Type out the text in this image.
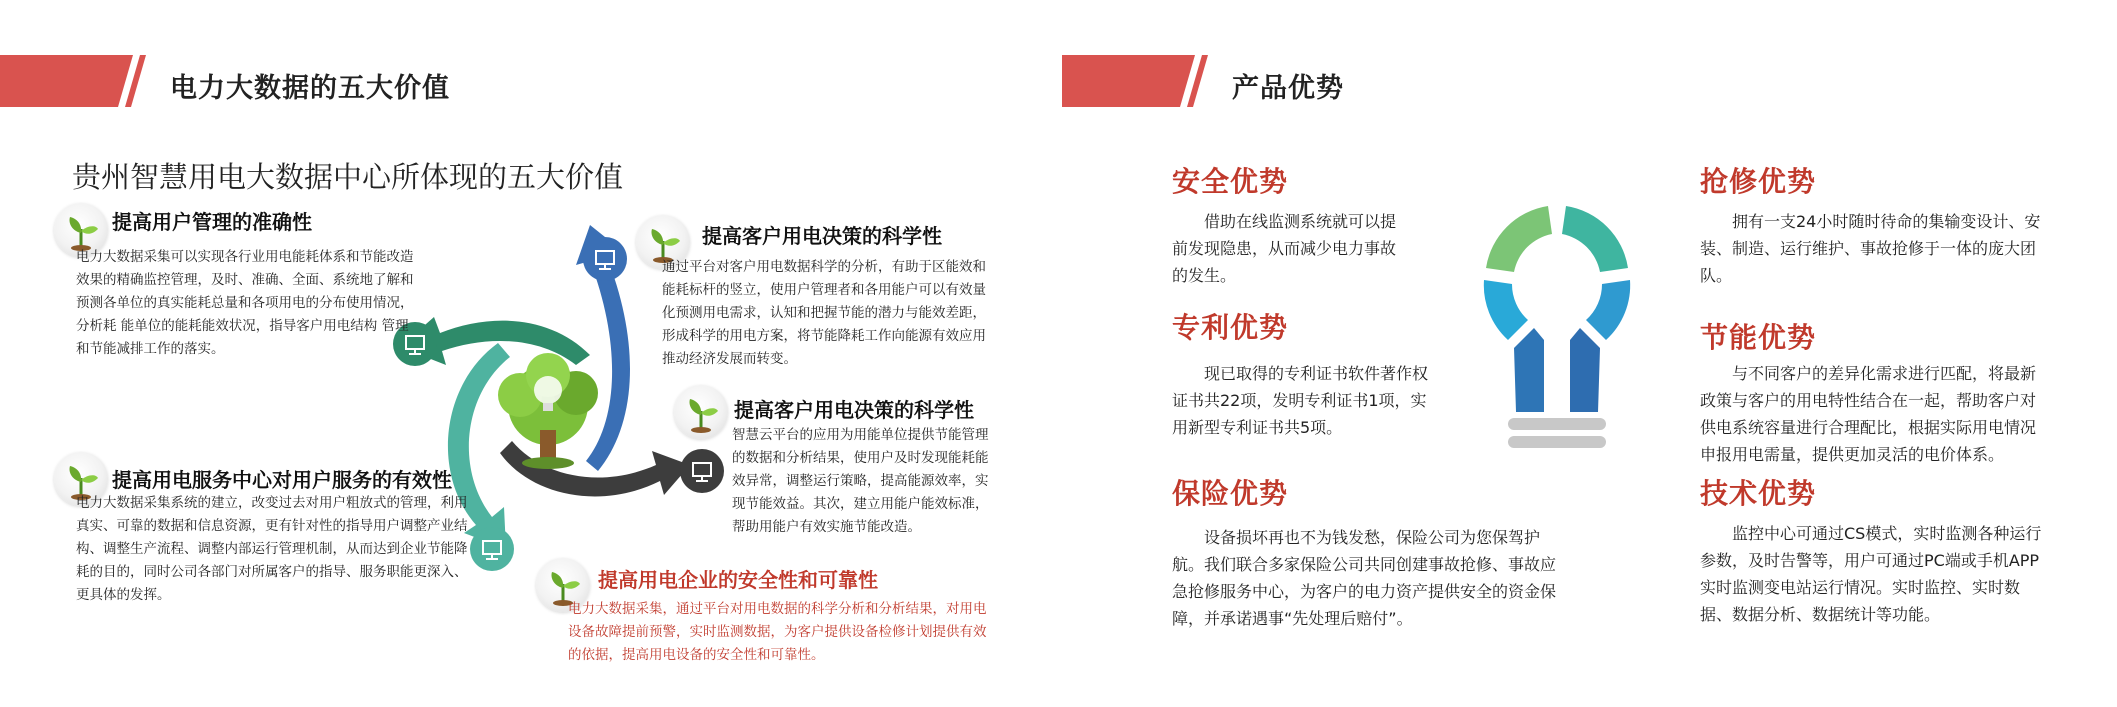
电力大数据的五大价值
贵州智慧用电大数据中心所体现的五大价值
提高用户管理的准确性
电力大数据采集可以实现各行业用电能耗体系和节能改造效果的精确监控管理，及时、准确、全面、系统地了解和预测各单位的真实能耗总量和各项用电的分布使用情况，分析耗 能单位的能耗能效状况，指导客户用电结构 管理和节能减排工作的落实。
提高客户用电决策的科学性
通过平台对客户用电数据科学的分析，有助于区能效和能耗标杆的竖立，使用户管理者和各用能户可以有效量化预测用电需求，认知和把握节能的潜力与能效差距，形成科学的用电方案，将节能降耗工作向能源有效应用推动经济发展而转变。
提高客户用电决策的科学性
智慧云平台的应用为用能单位提供节能管理的数据和分析结果，使用户及时发现能耗能效异常，调整运行策略，提高能源效率，实现节能效益。其次，建立用能户能效标准，帮助用能户有效实施节能改造。
提高用电服务中心对用户服务的有效性
电力大数据采集系统的建立，改变过去对用户粗放式的管理，利用真实、可靠的数据和信息资源，更有针对性的指导用户调整产业结构、调整生产流程、调整内部运行管理机制，从而达到企业节能降耗的目的，同时公司各部门对所属客户的指导、服务职能更深入、更具体的发挥。
提高用电企业的安全性和可靠性
电力大数据采集，通过平台对用电数据的科学分析和分析结果，对用电设备故障提前预警，实时监测数据，为客户提供设备检修计划提供有效的依据，提高用电设备的安全性和可靠性。
产品优势
安全优势
借助在线监测系统就可以提前发现隐患，从而减少电力事故的发生。
专利优势
现已取得的专利证书软件著作权证书共22项，发明专利证书1项，实用新型专利证书共5项。
保险优势
设备损坏再也不为钱发愁，保险公司为您保驾护航。我们联合多家保险公司共同创建事故抢修、事故应急抢修服务中心，为客户的电力资产提供安全的资金保障，并承诺遇事“先处理后赔付”。
抢修优势
拥有一支24小时随时待命的集输变设计、安装、制造、运行维护、事故抢修于一体的庞大团队。
节能优势
与不同客户的差异化需求进行匹配，将最新政策与客户的用电特性结合在一起，帮助客户对供电系统容量进行合理配比，根据实际用电情况申报用电需量，提供更加灵活的电价体系。
技术优势
监控中心可通过CS模式，实时监测各种运行参数，及时告警等，用户可通过PC端或手机APP实时监测变电站运行情况。实时监控、实时数据、数据分析、数据统计等功能。
